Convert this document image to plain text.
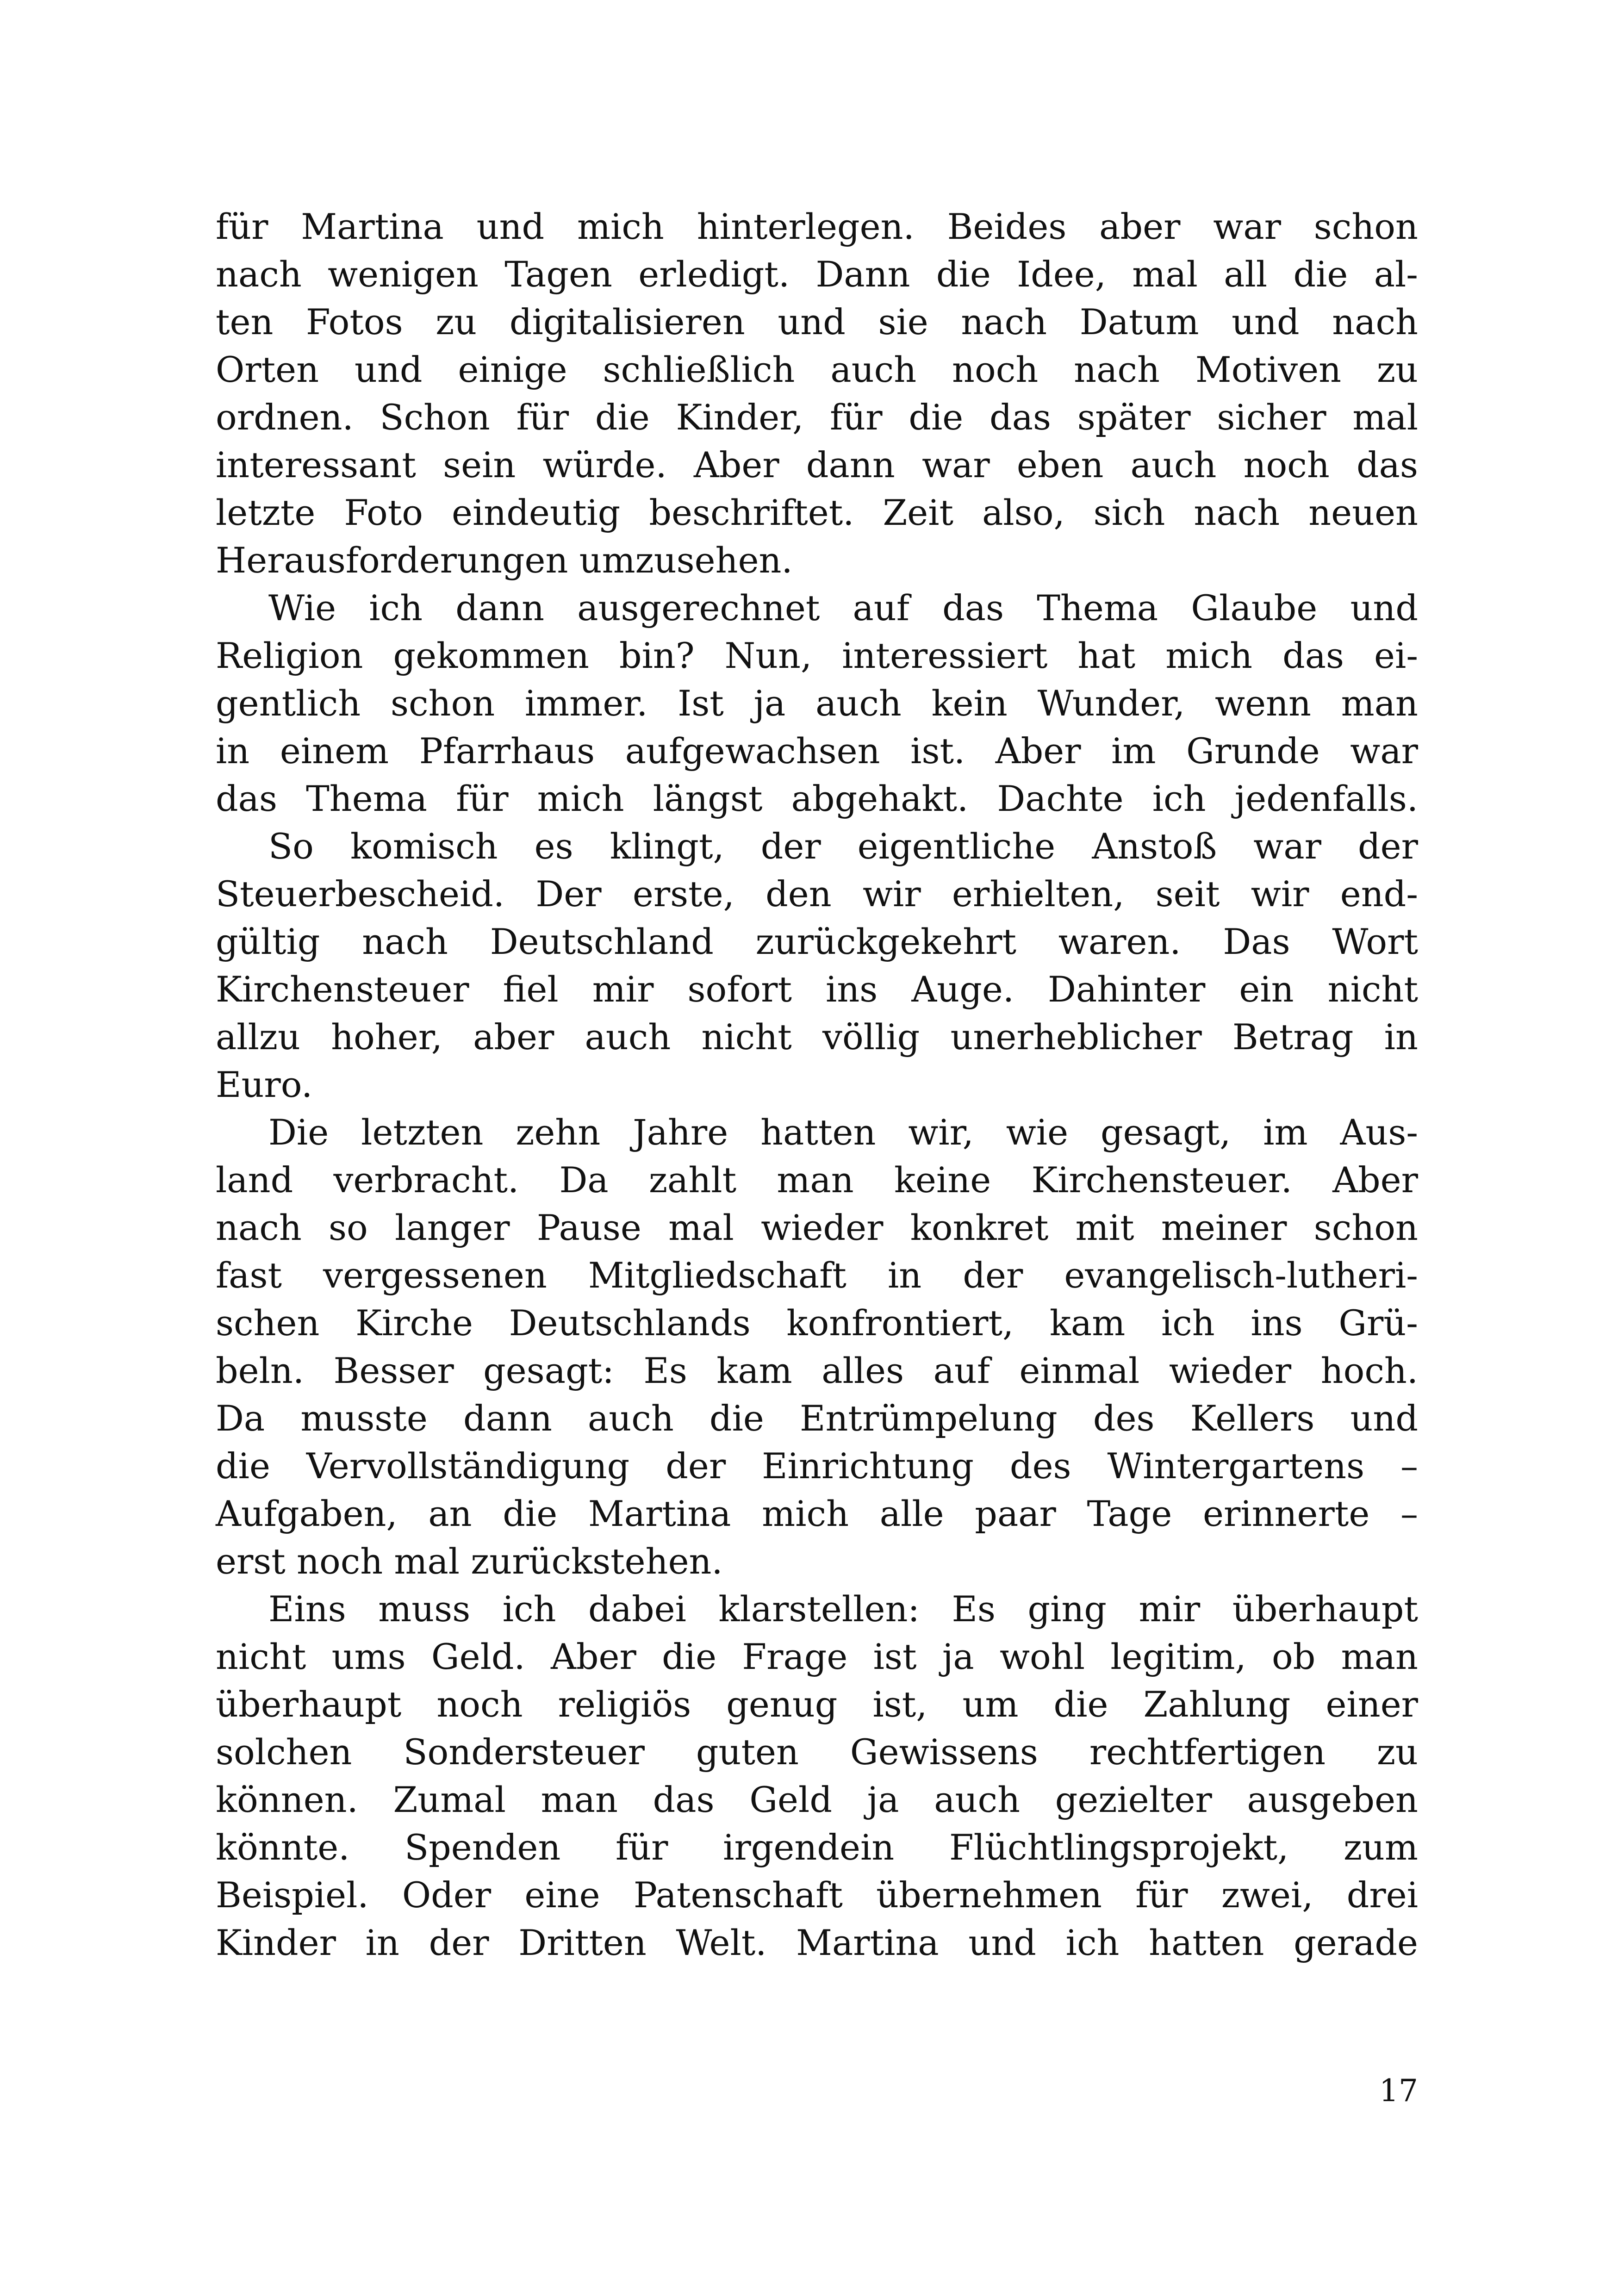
für Martina und mich hinterlegen. Beides aber war schon
nach wenigen Tagen erledigt. Dann die Idee, mal all die al-
ten Fotos zu digitalisieren und sie nach Datum und nach
Orten und einige schließlich auch noch nach Motiven zu
ordnen. Schon für die Kinder, für die das später sicher mal
interessant sein würde. Aber dann war eben auch noch das
letzte Foto eindeutig beschriftet. Zeit also, sich nach neuen
Herausforderungen umzusehen.
Wie ich dann ausgerechnet auf das Thema Glaube und
Religion gekommen bin? Nun, interessiert hat mich das ei-
gentlich schon immer. Ist ja auch kein Wunder, wenn man
in einem Pfarrhaus aufgewachsen ist. Aber im Grunde war
das Thema für mich längst abgehakt. Dachte ich jedenfalls.
So komisch es klingt, der eigentliche Anstoß war der
Steuerbescheid. Der erste, den wir erhielten, seit wir end-
gültig nach Deutschland zurückgekehrt waren. Das Wort
Kirchensteuer fiel mir sofort ins Auge. Dahinter ein nicht
allzu hoher, aber auch nicht völlig unerheblicher Betrag in
Euro.
Die letzten zehn Jahre hatten wir, wie gesagt, im Aus-
land verbracht. Da zahlt man keine Kirchensteuer. Aber
nach so langer Pause mal wieder konkret mit meiner schon
fast vergessenen Mitgliedschaft in der evangelisch-lutheri-
schen Kirche Deutschlands konfrontiert, kam ich ins Grü-
beln. Besser gesagt: Es kam alles auf einmal wieder hoch.
Da musste dann auch die Entrümpelung des Kellers und
die Vervollständigung der Einrichtung des Wintergartens –
Aufgaben, an die Martina mich alle paar Tage erinnerte –
erst noch mal zurückstehen.
Eins muss ich dabei klarstellen: Es ging mir überhaupt
nicht ums Geld. Aber die Frage ist ja wohl legitim, ob man
überhaupt noch religiös genug ist, um die Zahlung einer
solchen Sondersteuer guten Gewissens rechtfertigen zu
können. Zumal man das Geld ja auch gezielter ausgeben
könnte. Spenden für irgendein Flüchtlingsprojekt, zum
Beispiel. Oder eine Patenschaft übernehmen für zwei, drei
Kinder in der Dritten Welt. Martina und ich hatten gerade
17
